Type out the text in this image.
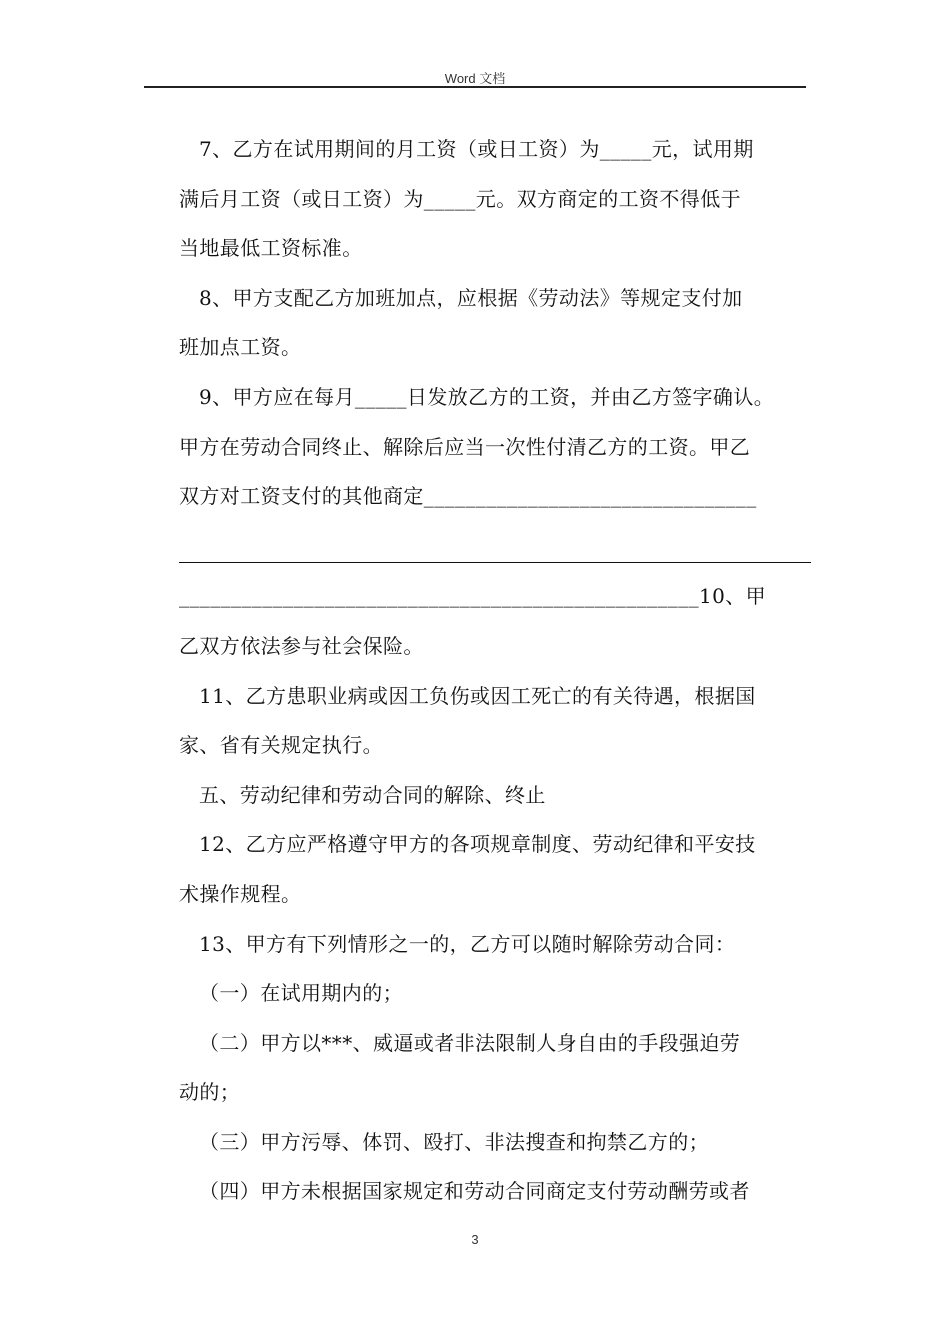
Word 文档

7、乙方在试用期间的月工资（或日工资）为_____元，试用期

满后月工资（或日工资）为_____元。双方商定的工资不得低于

当地最低工资标准。

8、甲方支配乙方加班加点，应根据《劳动法》等规定支付加

班加点工资。

9、甲方应在每月_____日发放乙方的工资，并由乙方签字确认。

甲方在劳动合同终止、解除后应当一次性付清乙方的工资。甲乙

双方对工资支付的其他商定________________________________

__________________________________________________10、甲

乙双方依法参与社会保险。

11、乙方患职业病或因工负伤或因工死亡的有关待遇，根据国

家、省有关规定执行。

五、劳动纪律和劳动合同的解除、终止

12、乙方应严格遵守甲方的各项规章制度、劳动纪律和平安技

术操作规程。

13、甲方有下列情形之一的，乙方可以随时解除劳动合同：

（一）在试用期内的；

（二）甲方以***、威逼或者非法限制人身自由的手段强迫劳

动的；

（三）甲方污辱、体罚、殴打、非法搜查和拘禁乙方的；

（四）甲方未根据国家规定和劳动合同商定支付劳动酬劳或者

3
